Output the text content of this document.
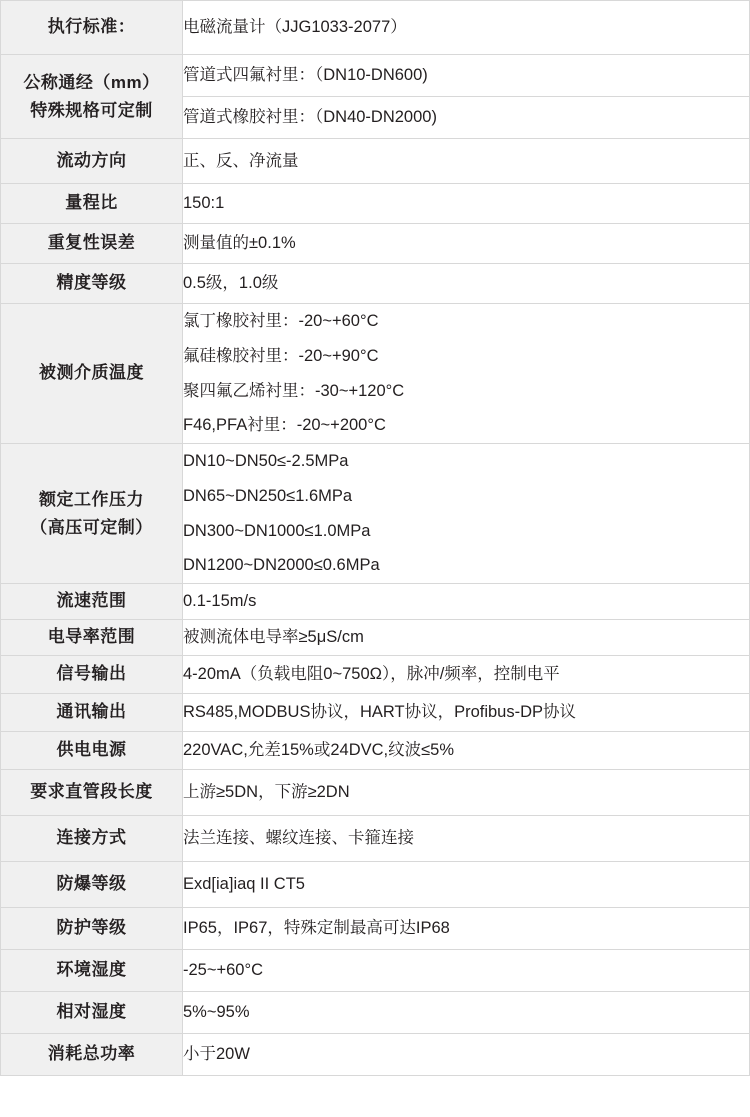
执行标准：	电磁流量计（JJG1033-2077）

公称通经（mm）
特殊规格可定制	管道式四氟衬里：（DN10-DN600)

	管道式橡胶衬里：（DN40-DN2000)

流动方向	正、反、净流量

量程比	150:1

重复性误差	测量值的±0.1%

精度等级	0.5级，1.0级

被测介质温度	氯丁橡胶衬里：-20~+60°C
氟硅橡胶衬里：-20~+90°C
聚四氟乙烯衬里：-30~+120°C
F46,PFA衬里：-20~+200°C

额定工作压力
（高压可定制）	DN10~DN50≤-2.5MPa
DN65~DN250≤1.6MPa
DN300~DN1000≤1.0MPa
DN1200~DN2000≤0.6MPa

流速范围	0.1-15m/s

电导率范围	被测流体电导率≥5μS/cm

信号输出	4-20mA（负载电阻0~750Ω），脉冲/频率，控制电平

通讯输出	RS485,MODBUS协议，HART协议，Profibus-DP协议

供电电源	220VAC,允差15%或24DVC,纹波≤5%

要求直管段长度	上游≥5DN，下游≥2DN

连接方式	法兰连接、螺纹连接、卡箍连接

防爆等级	Exd[ia]iaq II CT5

防护等级	IP65，IP67，特殊定制最高可达IP68

环境湿度	-25~+60°C

相对湿度	5%~95%

消耗总功率	小于20W
